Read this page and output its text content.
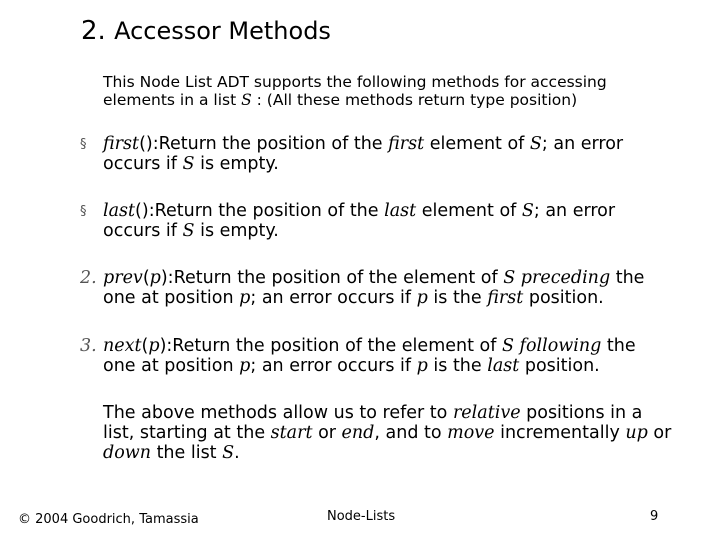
2. Accessor Methods
This Node List ADT supports the following methods for accessing
elements in a list S : (All these methods return type position)
§ first():Return the position of the first element of S; an error
occurs if S is empty.
§ last():Return the position of the last element of S; an error
occurs if S is empty.
2. prev(p):Return the position of the element of S preceding the
one at position p; an error occurs if p is the first position.
3. next(p):Return the position of the element of S following the
one at position p; an error occurs if p is the last position.
The above methods allow us to refer to relative positions in a
list, starting at the start or end, and to move incrementally up or
down the list S.
© 2004 Goodrich, Tamassia	Node-Lists	9
